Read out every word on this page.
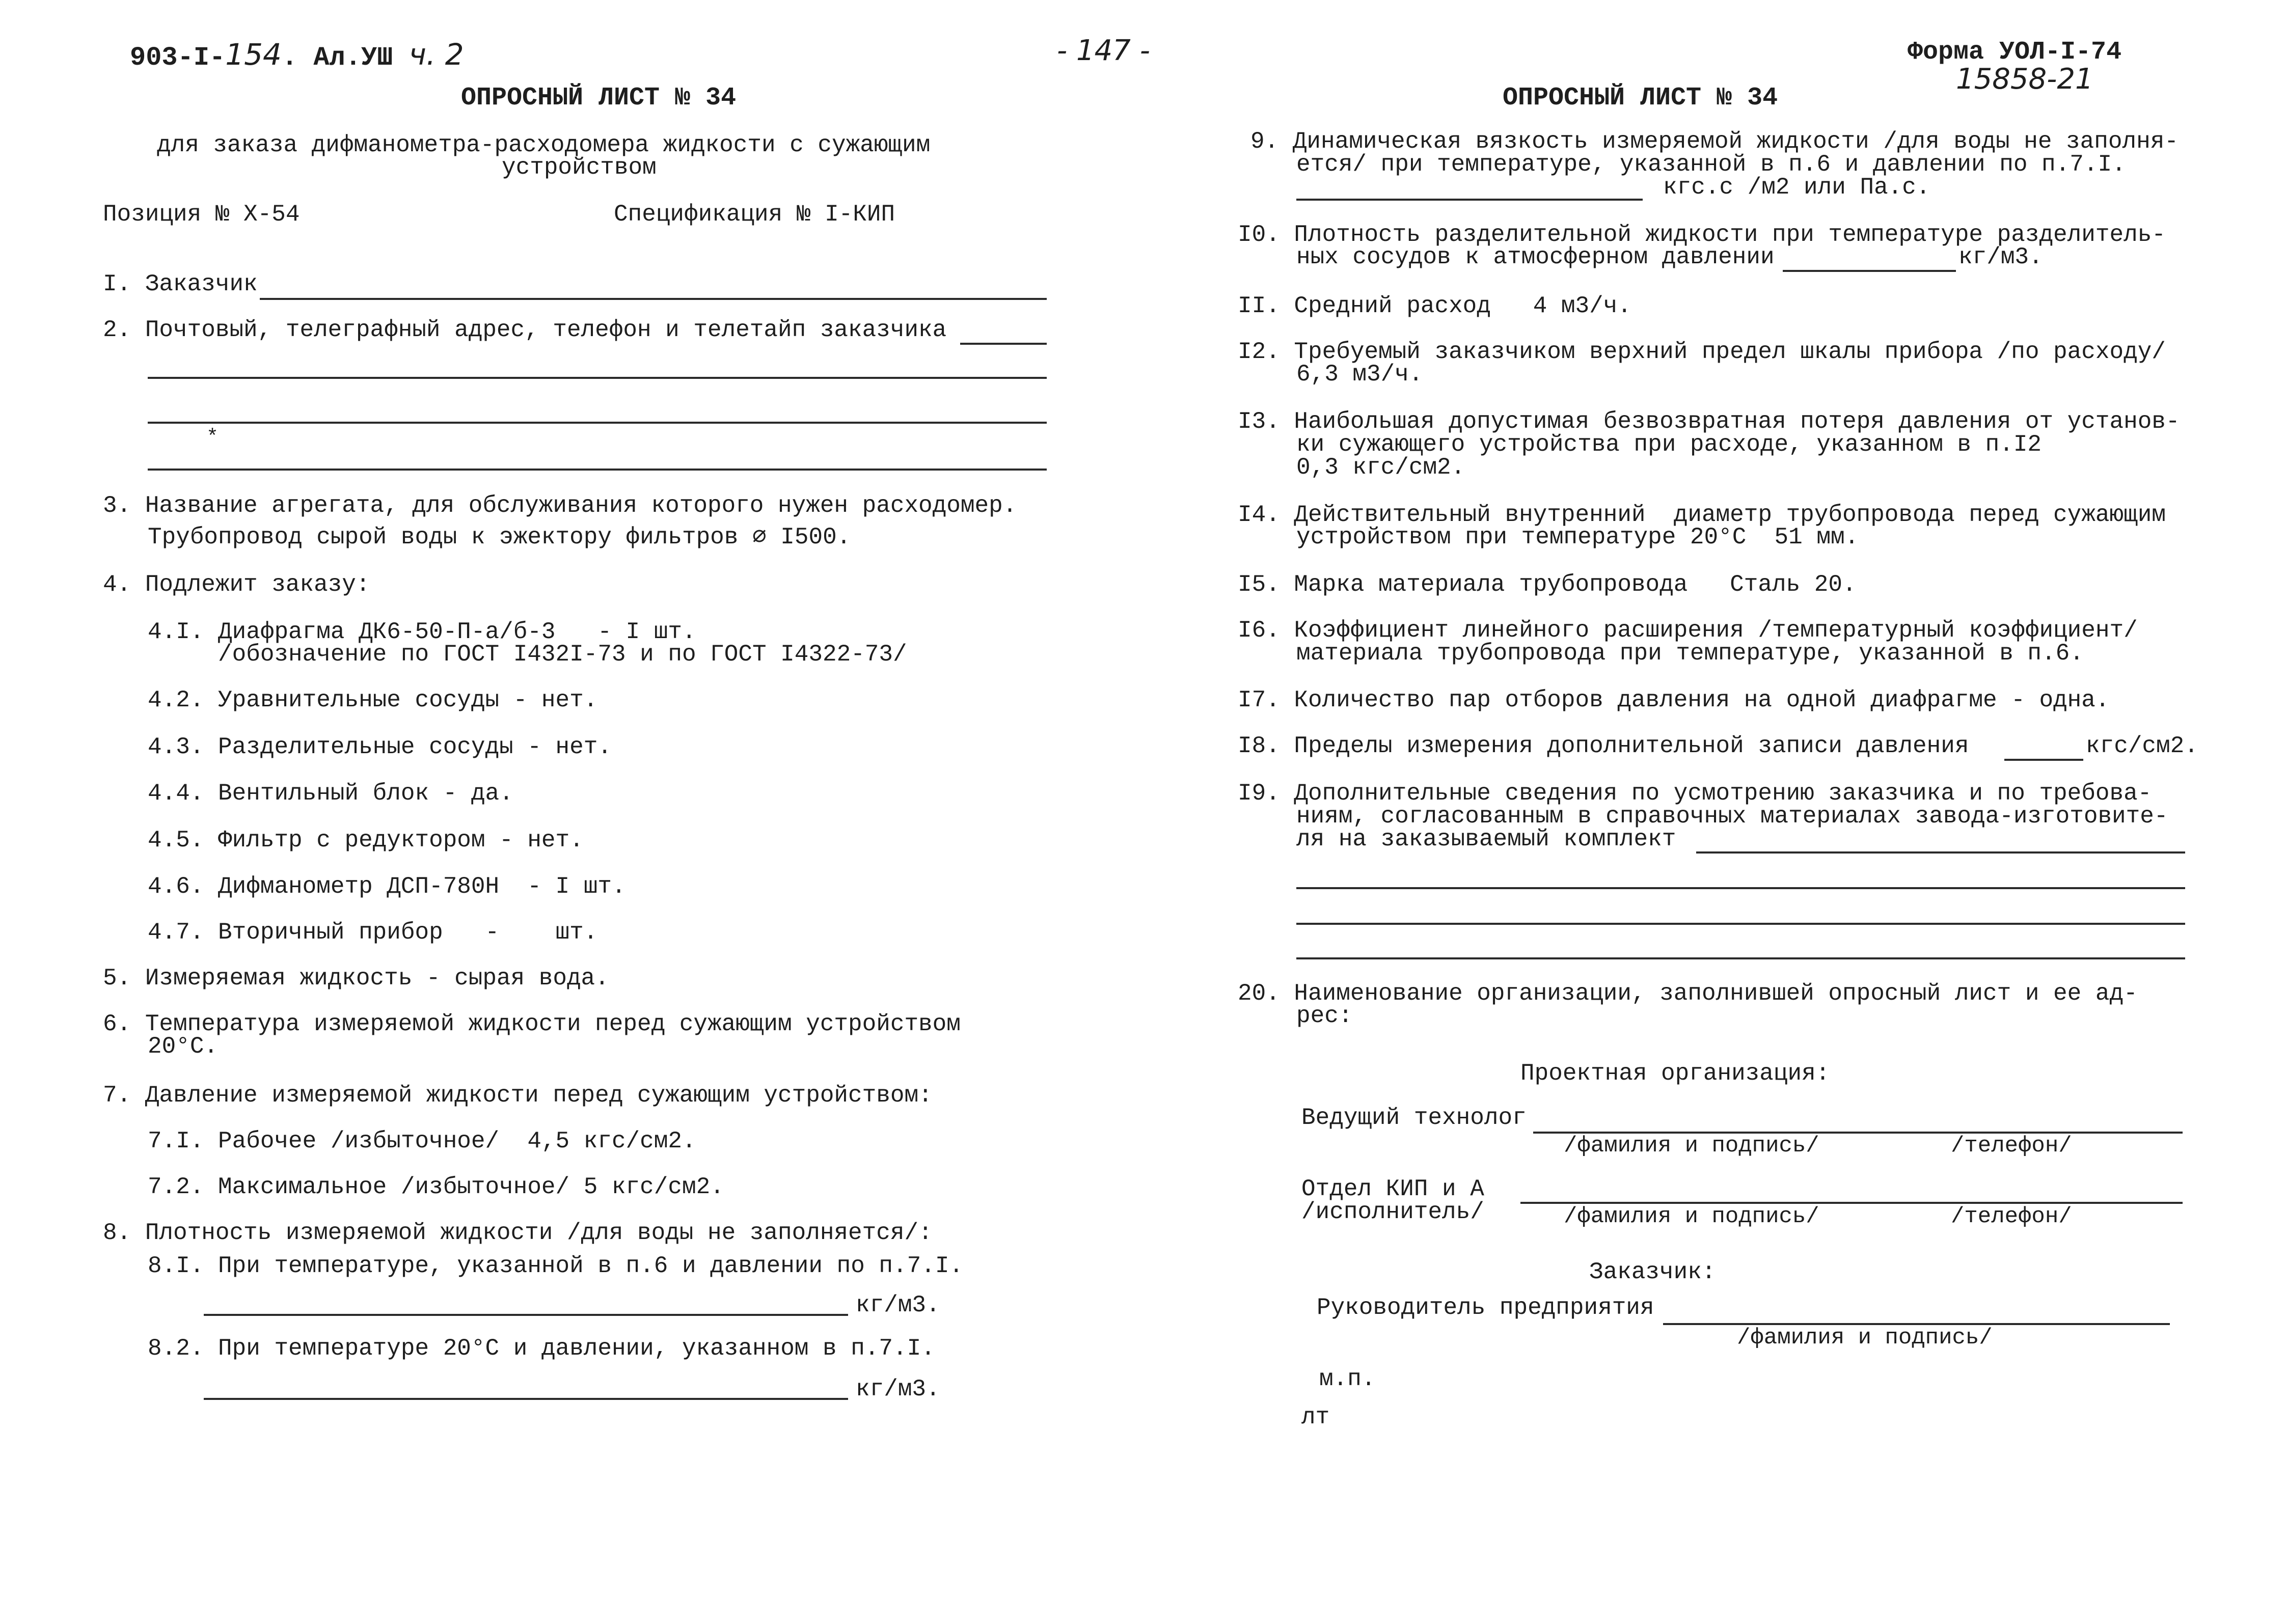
903-I-154. Ал.УШ ч. 2	- 147 -	Форма УОЛ-I-74
15858-21
ОПРОСНЫЙ ЛИСТ № 34
для заказа дифманометра-расходомера жидкости с сужающим
устройством
Позиция № Х-54	Спецификация № I-КИП
I. Заказчик
2. Почтовый, телеграфный адрес, телефон и телетайп заказчика
*
3. Название агрегата, для обслуживания которого нужен расходомер.
Трубопровод сырой воды к эжектору фильтров ∅ I500.
4. Подлежит заказу:
4.I. Диафрагма ДК6-50-П-а/б-3   - I шт.
/обозначение по ГОСТ I432I-73 и по ГОСТ I4322-73/
4.2. Уравнительные сосуды - нет.
4.3. Разделительные сосуды - нет.
4.4. Вентильный блок - да.
4.5. Фильтр с редуктором - нет.
4.6. Дифманометр ДСП-780Н  - I шт.
4.7. Вторичный прибор   -    шт.
5. Измеряемая жидкость - сырая вода.
6. Температура измеряемой жидкости перед сужающим устройством
20°С.
7. Давление измеряемой жидкости перед сужающим устройством:
7.I. Рабочее /избыточное/  4,5 кгс/см2.
7.2. Максимальное /избыточное/ 5 кгс/см2.
8. Плотность измеряемой жидкости /для воды не заполняется/:
8.I. При температуре, указанной в п.6 и давлении по п.7.I.
кг/м3.
8.2. При температуре 20°С и давлении, указанном в п.7.I.
кг/м3.
ОПРОСНЫЙ ЛИСТ № 34
9. Динамическая вязкость измеряемой жидкости /для воды не заполня-
ется/ при температуре, указанной в п.6 и давлении по п.7.I.
кгс.с /м2 или Па.с.
I0. Плотность разделительной жидкости при температуре разделитель-
ных сосудов к атмосферном давлении	кг/м3.
II. Средний расход   4 м3/ч.
I2. Требуемый заказчиком верхний предел шкалы прибора /по расходу/
6,3 м3/ч.
I3. Наибольшая допустимая безвозвратная потеря давления от установ-
ки сужающего устройства при расходе, указанном в п.I2
0,3 кгс/см2.
I4. Действительный внутренний  диаметр трубопровода перед сужающим
устройством при температуре 20°С  51 мм.
I5. Марка материала трубопровода   Сталь 20.
I6. Коэффициент линейного расширения /температурный коэффициент/
материала трубопровода при температуре, указанной в п.6.
I7. Количество пар отборов давления на одной диафрагме - одна.
I8. Пределы измерения дополнительной записи давления	кгс/см2.
I9. Дополнительные сведения по усмотрению заказчика и по требова-
ниям, согласованным в справочных материалах завода-изготовите-
ля на заказываемый комплект
20. Наименование организации, заполнившей опросный лист и ее ад-
рес:
Проектная организация:
Ведущий технолог
/фамилия и подпись/	/телефон/
Отдел КИП и А
/исполнитель/	/фамилия и подпись/	/телефон/
Заказчик:
Руководитель предприятия
/фамилия и подпись/
м.п.
лт
